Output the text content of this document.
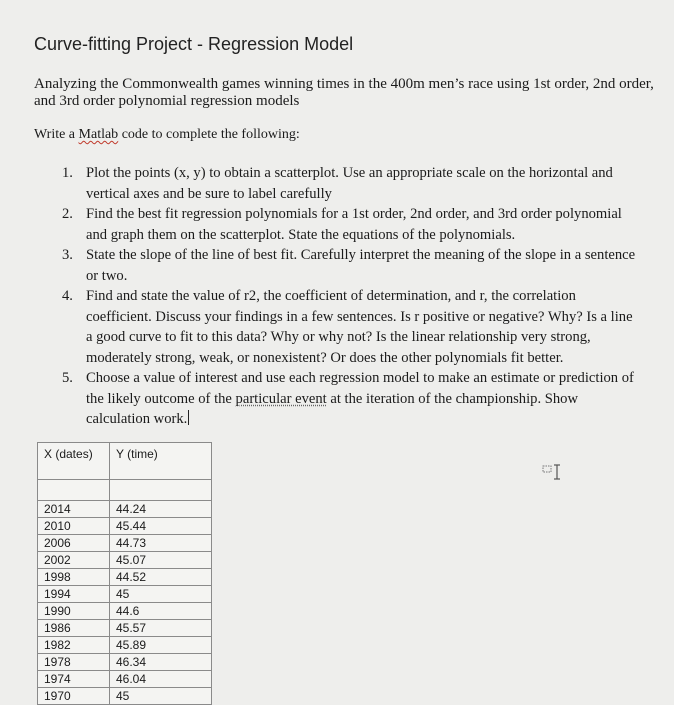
Curve-fitting Project - Regression Model
Analyzing the Commonwealth games winning times in the 400m men’s race using 1st order, 2nd order, and 3rd order polynomial regression models
Write a Matlab code to complete the following:
1. Plot the points (x, y) to obtain a scatterplot. Use an appropriate scale on the horizontal and vertical axes and be sure to label carefully
2. Find the best fit regression polynomials for a 1st order, 2nd order, and 3rd order polynomial and graph them on the scatterplot. State the equations of the polynomials.
3. State the slope of the line of best fit. Carefully interpret the meaning of the slope in a sentence or two.
4. Find and state the value of r2, the coefficient of determination, and r, the correlation coefficient. Discuss your findings in a few sentences. Is r positive or negative? Why? Is a line a good curve to fit to this data? Why or why not? Is the linear relationship very strong, moderately strong, weak, or nonexistent? Or does the other polynomials fit better.
5. Choose a value of interest and use each regression model to make an estimate or prediction of the likely outcome of the particular event at the iteration of the championship. Show calculation work.
X (dates)	Y (time)
2014	44.24
2010	45.44
2006	44.73
2002	45.07
1998	44.52
1994	45
1990	44.6
1986	45.57
1982	45.89
1978	46.34
1974	46.04
1970	45
